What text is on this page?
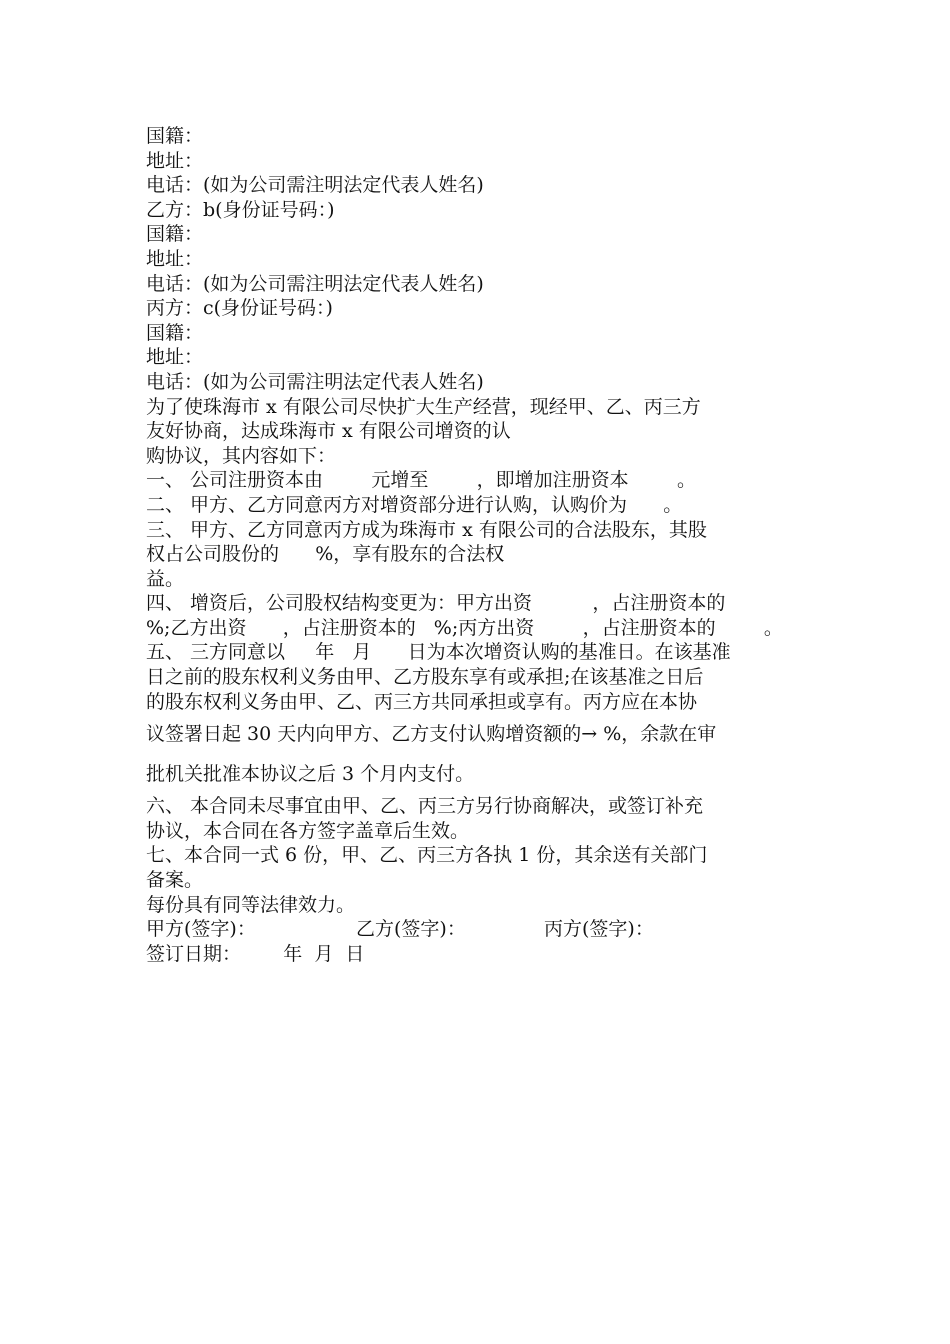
国籍：
地址：
电话：(如为公司需注明法定代表人姓名)
乙方：b(身份证号码：)
国籍：
地址：
电话：(如为公司需注明法定代表人姓名)
丙方：c(身份证号码：)
国籍：
地址：
电话：(如为公司需注明法定代表人姓名)
为了使珠海市 x 有限公司尽快扩大生产经营，现经甲、乙、丙三方
友好协商，达成珠海市 x 有限公司增资的认
购协议，其内容如下：
一、 公司注册资本由        元增至        ，即增加注册资本        。
二、 甲方、乙方同意丙方对增资部分进行认购，认购价为      。
三、 甲方、乙方同意丙方成为珠海市 x 有限公司的合法股东，其股
权占公司股份的      %，享有股东的合法权
益。
四、 增资后，公司股权结构变更为：甲方出资          ，占注册资本的
%;乙方出资      ，占注册资本的   %;丙方出资        ，占注册资本的        。
五、 三方同意以     年   月      日为本次增资认购的基准日。在该基准
日之前的股东权利义务由甲、乙方股东享有或承担;在该基准之日后
的股东权利义务由甲、乙、丙三方共同承担或享有。丙方应在本协
议签署日起 30 天内向甲方、乙方支付认购增资额的→ %，余款在审
批机关批准本协议之后 3 个月内支付。
六、 本合同未尽事宜由甲、乙、丙三方另行协商解决，或签订补充
协议，本合同在各方签字盖章后生效。
七、本合同一式 6 份，甲、乙、丙三方各执 1 份，其余送有关部门
备案。
每份具有同等法律效力。
甲方(签字)：	乙方(签字)：	丙方(签字)：
签订日期：       年  月  日
